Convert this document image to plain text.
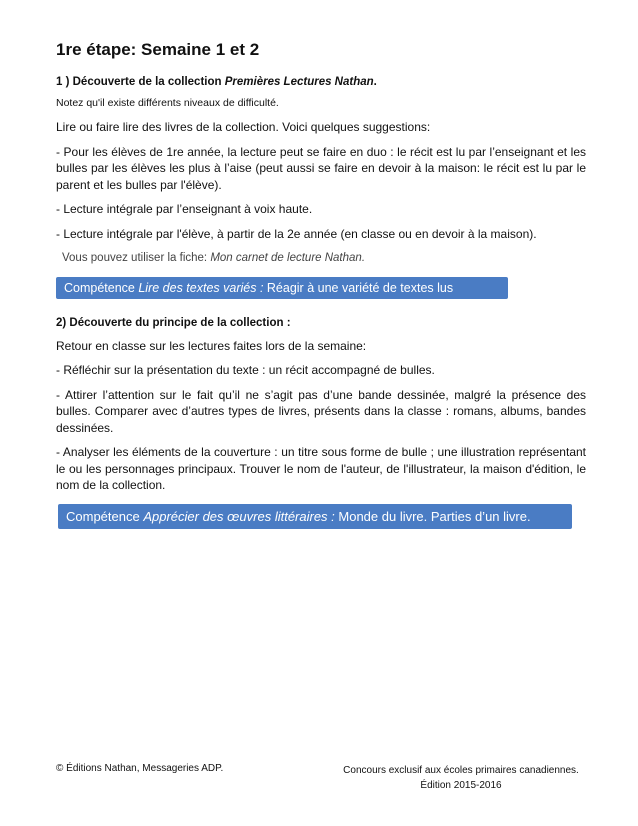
1re étape: Semaine 1 et 2
1 ) Découverte de la collection Premières Lectures Nathan.
Notez qu'il existe différents niveaux de difficulté.

Lire ou faire lire des livres de la collection. Voici quelques suggestions:

- Pour les élèves de 1re année, la lecture peut se faire en duo : le récit est lu par l’enseignant et les bulles par les élèves les plus à l’aise (peut aussi se faire en devoir à la maison: le récit est lu par le parent et les bulles par l'élève).

- Lecture intégrale par l’enseignant à voix haute.

- Lecture intégrale par l'élève, à partir de la 2e année (en classe ou en devoir à la maison).

Vous pouvez utiliser la fiche: Mon carnet de lecture Nathan.

Compétence Lire des textes variés : Réagir à une variété de textes lus
2) Découverte du principe de la collection :

Retour en classe sur les lectures faites lors de la semaine:

- Réfléchir sur la présentation du texte : un récit accompagné de bulles.

- Attirer l’attention sur le fait qu’il ne s’agit pas d’une bande dessinée, malgré la présence des bulles. Comparer avec d’autres types de livres, présents dans la classe : romans, albums, bandes dessinées.

- Analyser les éléments de la couverture : un titre sous forme de bulle ; une illustration représentant le ou les personnages principaux. Trouver le nom de l'auteur, de l'illustrateur, la maison d'édition, le nom de la collection.

Compétence Apprécier des œuvres littéraires : Monde du livre. Parties d’un livre.
© Éditions Nathan, Messageries ADP.	Concours exclusif aux écoles primaires canadiennes.
Édition 2015-2016
